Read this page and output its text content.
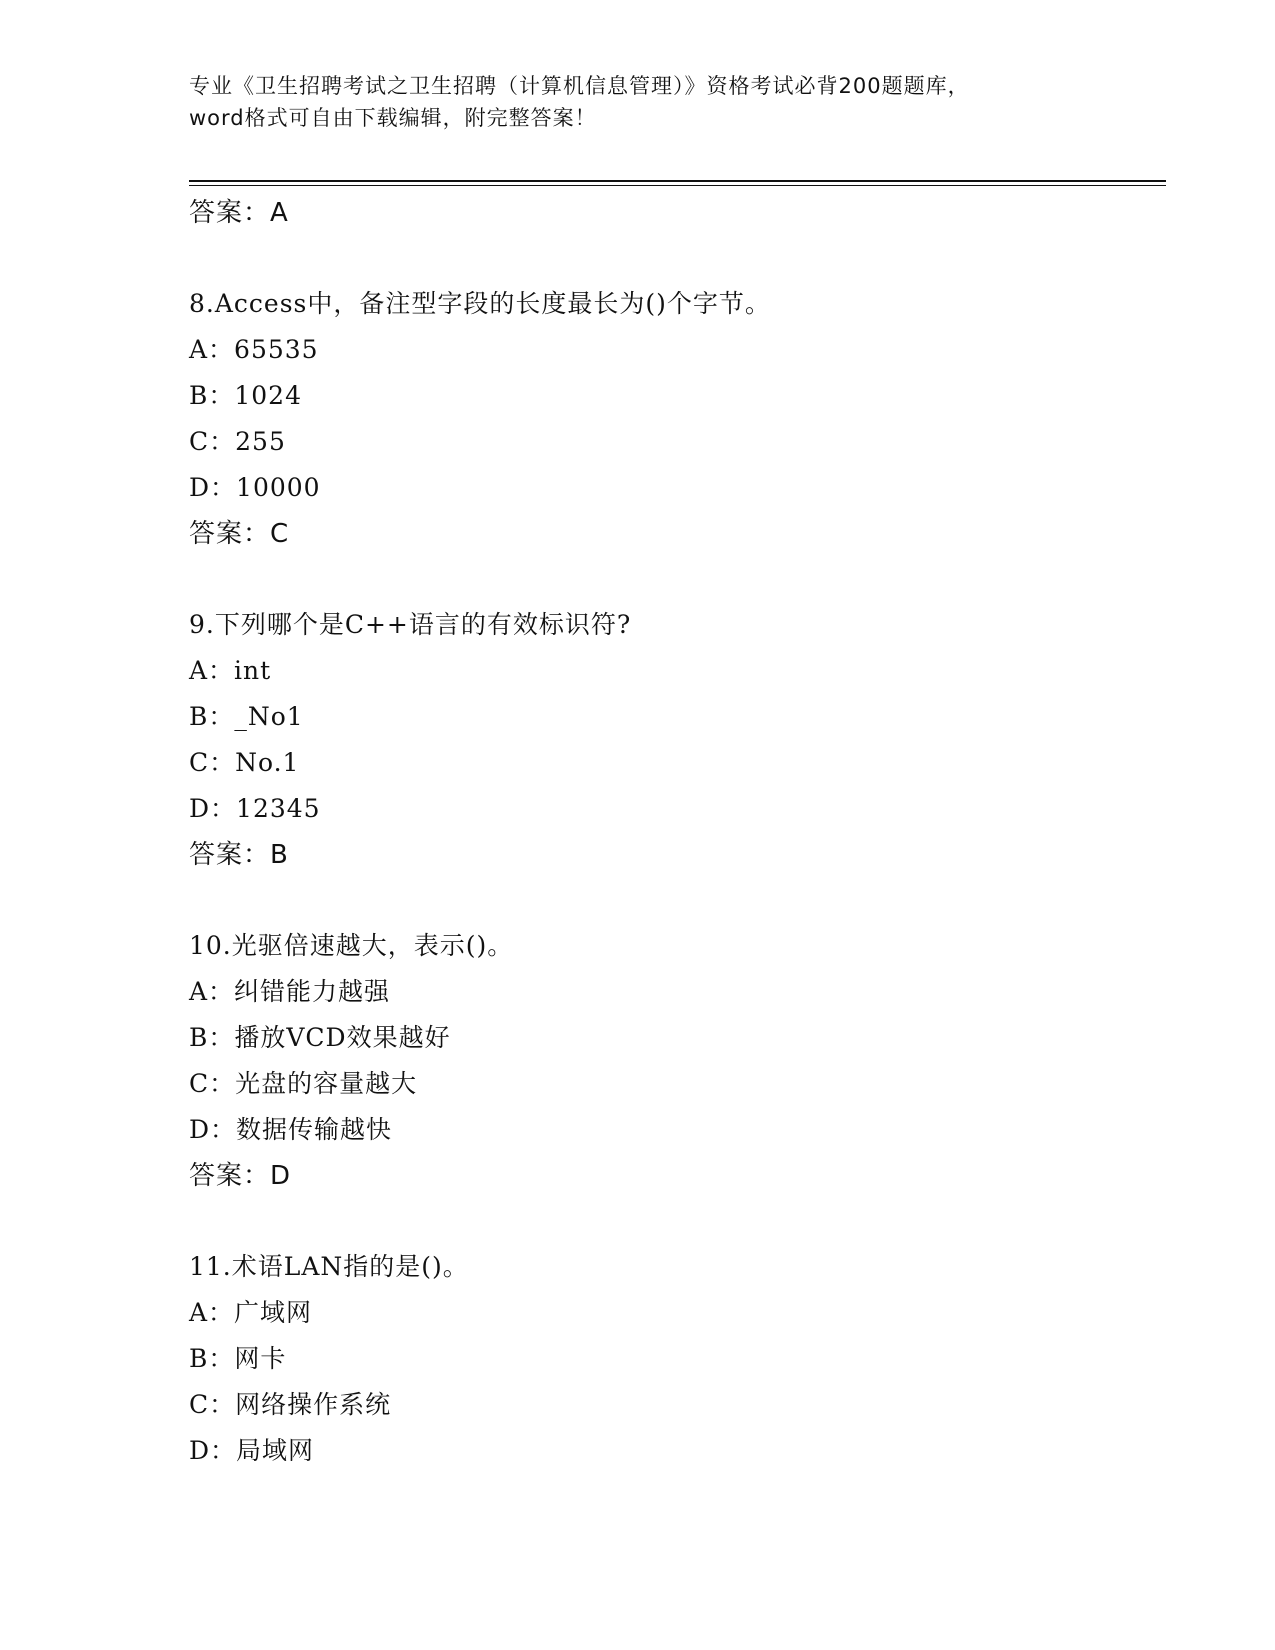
专业《卫生招聘考试之卫生招聘（计算机信息管理）》资格考试必背200题题库，

word格式可自由下载编辑，附完整答案！

答案：A
8.Access中，备注型字段的长度最长为()个字节。
A：65535
B：1024
C：255
D：10000
答案：C
9.下列哪个是C++语言的有效标识符?
A：int
B：_No1
C：No.1
D：12345
答案：B
10.光驱倍速越大，表示()。
A：纠错能力越强
B：播放VCD效果越好
C：光盘的容量越大
D：数据传输越快
答案：D
11.术语LAN指的是()。
A：广域网
B：网卡
C：网络操作系统
D：局域网
